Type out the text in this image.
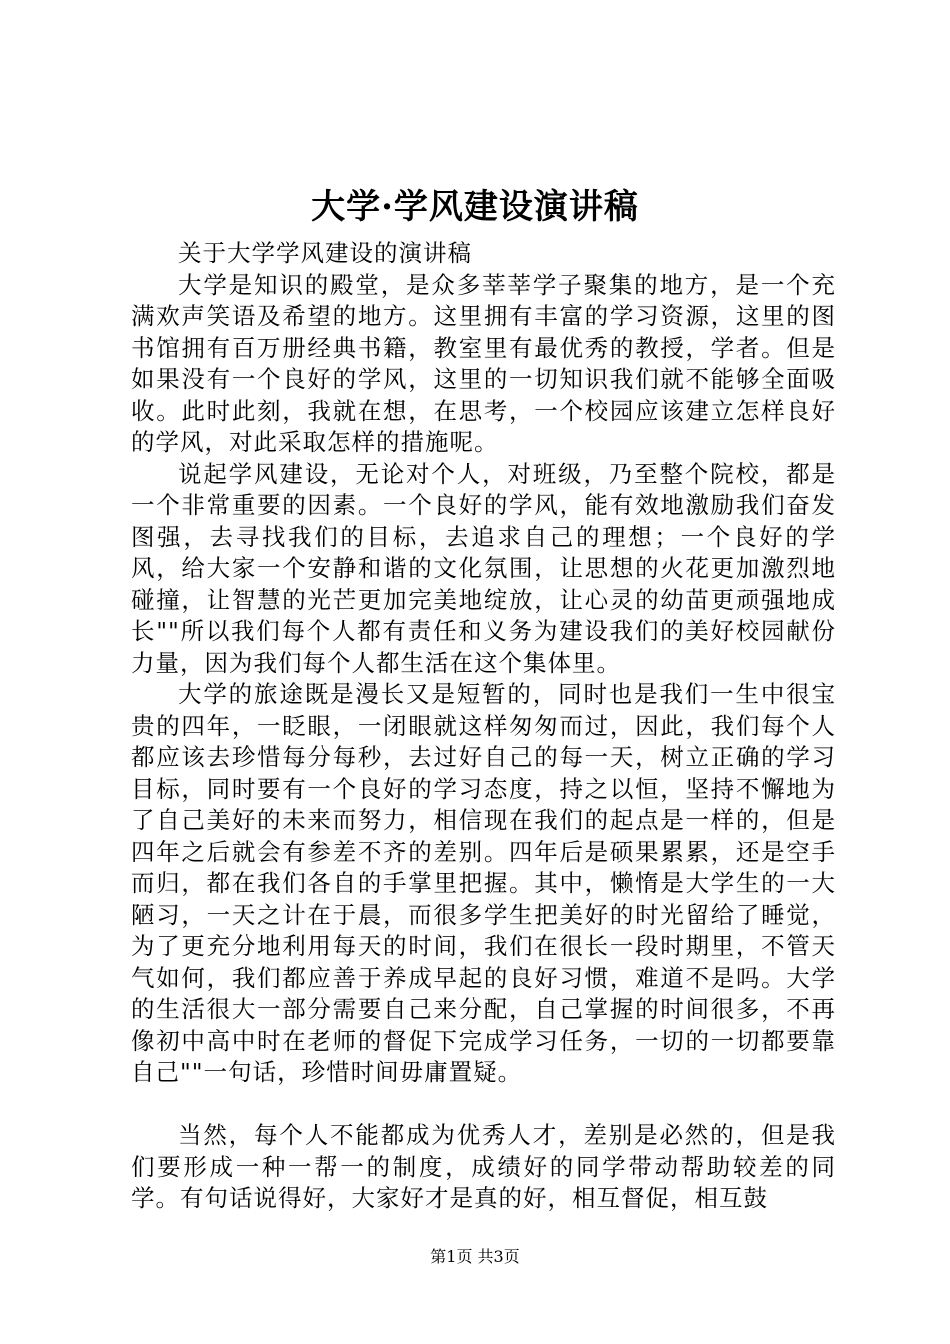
大学·学风建设演讲稿

关于大学学风建设的演讲稿

大学是知识的殿堂，是众多莘莘学子聚集的地方，是一个充满欢声笑语及希望的地方。这里拥有丰富的学习资源，这里的图书馆拥有百万册经典书籍，教室里有最优秀的教授，学者。但是如果没有一个良好的学风，这里的一切知识我们就不能够全面吸收。此时此刻，我就在想，在思考，一个校园应该建立怎样良好的学风，对此采取怎样的措施呢。

说起学风建设，无论对个人，对班级，乃至整个院校，都是一个非常重要的因素。一个良好的学风，能有效地激励我们奋发图强，去寻找我们的目标，去追求自己的理想；一个良好的学风，给大家一个安静和谐的文化氛围，让思想的火花更加激烈地碰撞，让智慧的光芒更加完美地绽放，让心灵的幼苗更顽强地成长""所以我们每个人都有责任和义务为建设我们的美好校园献份力量，因为我们每个人都生活在这个集体里。

大学的旅途既是漫长又是短暂的，同时也是我们一生中很宝贵的四年，一眨眼，一闭眼就这样匆匆而过，因此，我们每个人都应该去珍惜每分每秒，去过好自己的每一天，树立正确的学习目标，同时要有一个良好的学习态度，持之以恒，坚持不懈地为了自己美好的未来而努力，相信现在我们的起点是一样的，但是四年之后就会有参差不齐的差别。四年后是硕果累累，还是空手而归，都在我们各自的手掌里把握。其中，懒惰是大学生的一大陋习，一天之计在于晨，而很多学生把美好的时光留给了睡觉，为了更充分地利用每天的时间，我们在很长一段时期里，不管天气如何，我们都应善于养成早起的良好习惯，难道不是吗。大学的生活很大一部分需要自己来分配，自己掌握的时间很多，不再像初中高中时在老师的督促下完成学习任务，一切的一切都要靠自己""一句话，珍惜时间毋庸置疑。

当然，每个人不能都成为优秀人才，差别是必然的，但是我们要形成一种一帮一的制度，成绩好的同学带动帮助较差的同学。有句话说得好，大家好才是真的好，相互督促，相互鼓

第1页 共3页
